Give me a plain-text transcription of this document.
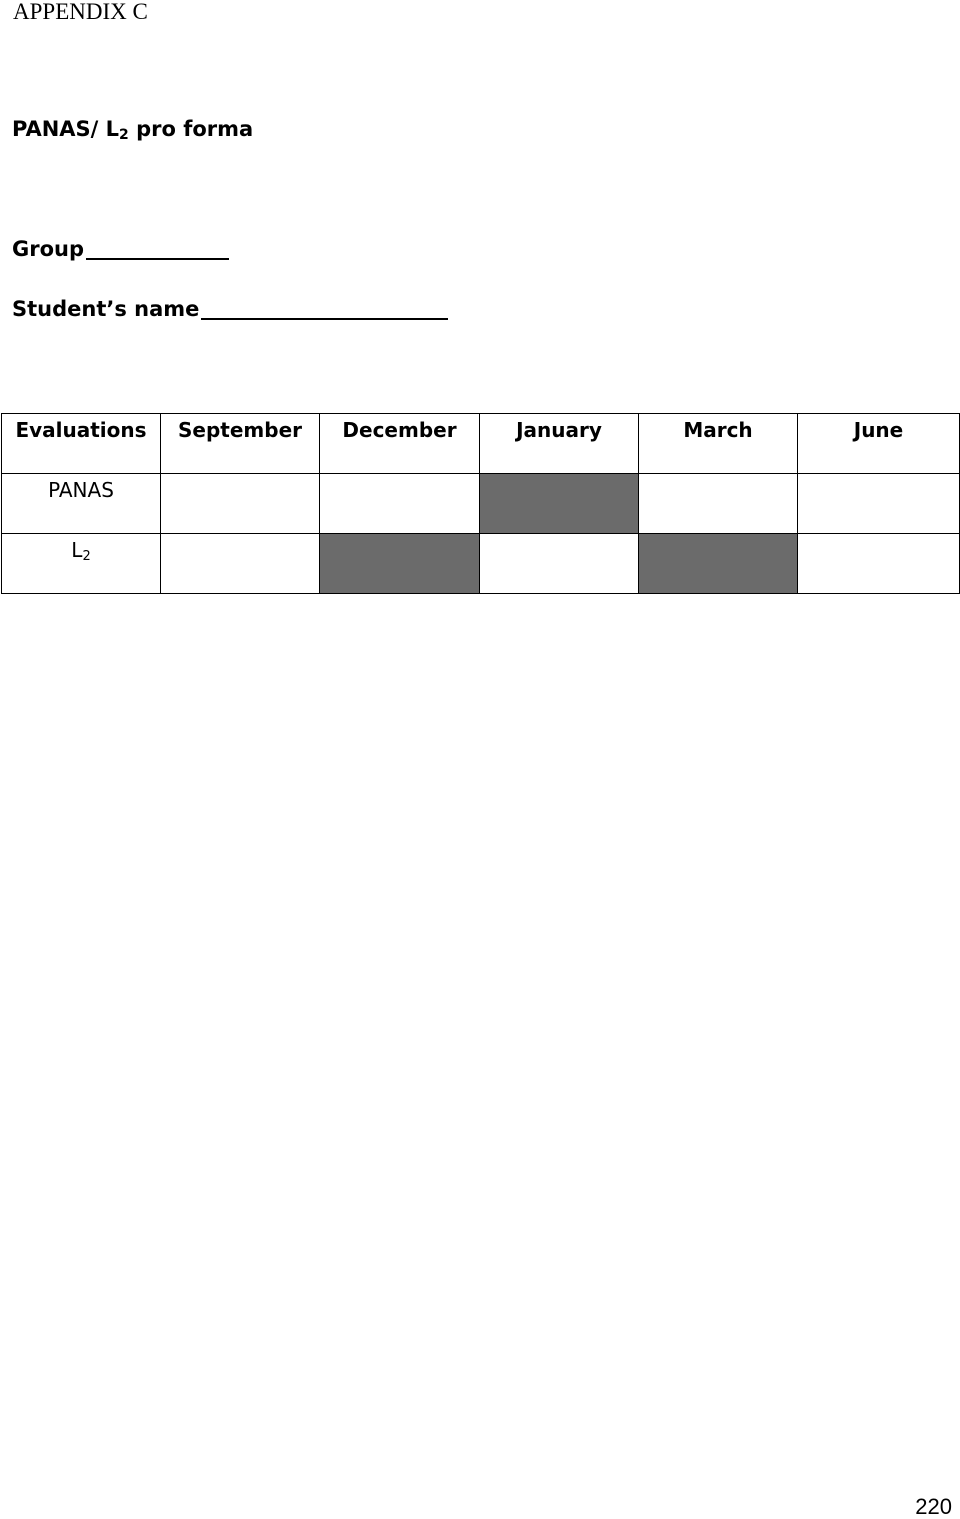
APPENDIX C
PANAS/ $L_2$ pro forma
Group
Student’s name
Evaluations	September	December	January	March	June
PANAS					
$L_2$					
220
